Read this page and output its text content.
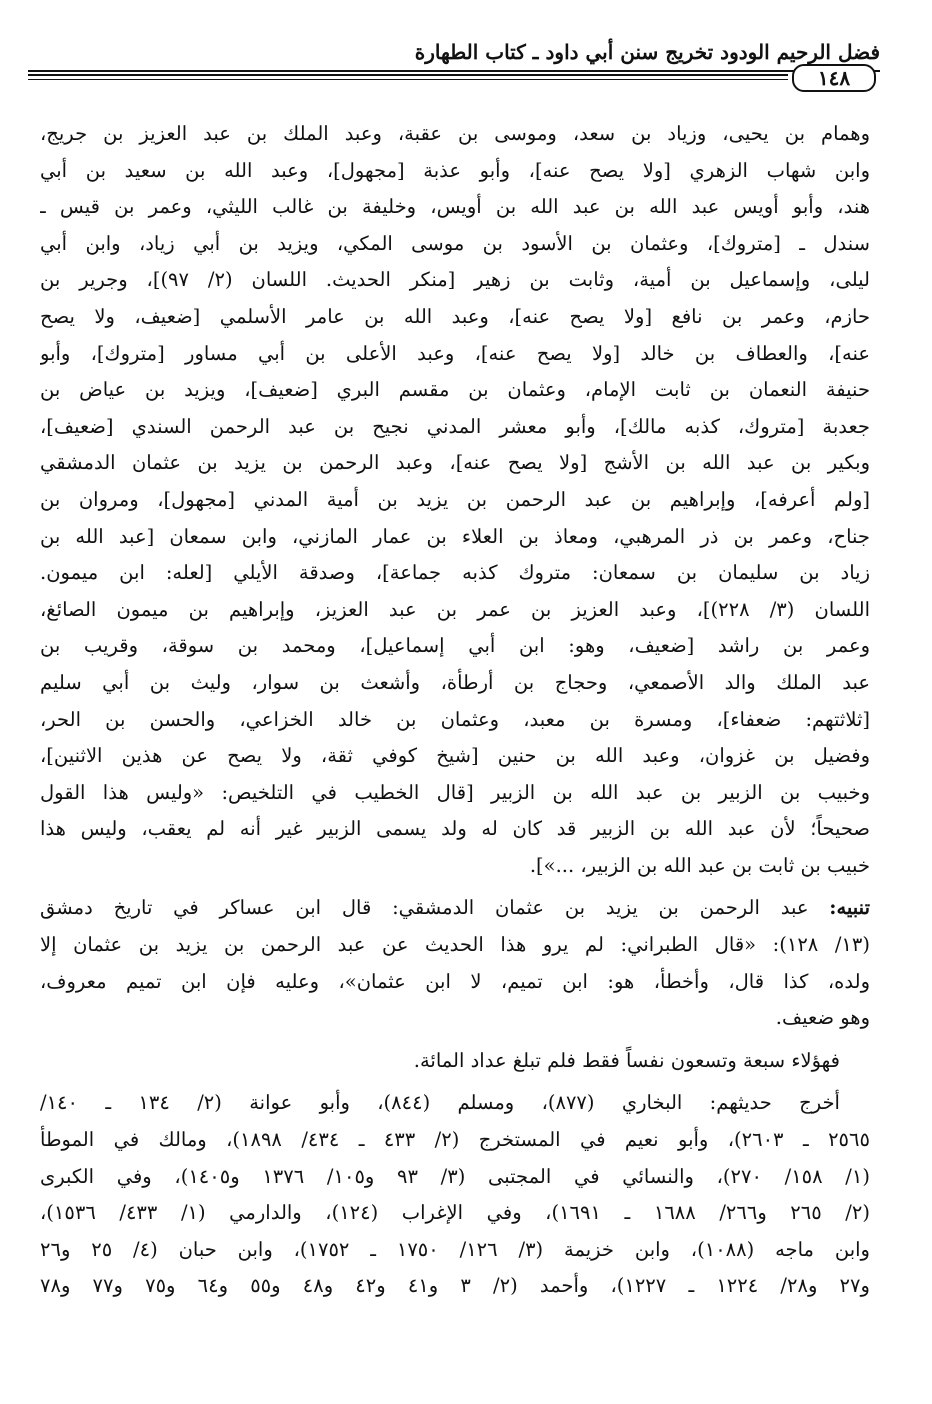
فضل الرحيم الودود تخريج سنن أبي داود ـ كتاب الطهارة
١٤٨
وهمام بن يحيى، وزياد بن سعد، وموسى بن عقبة، وعبد الملك بن عبد العزيز بن جريج،
وابن شهاب الزهري [ولا يصح عنه]، وأبو عذبة [مجهول]، وعبد الله بن سعيد بن أبي
هند، وأبو أويس عبد الله بن عبد الله بن أويس، وخليفة بن غالب الليثي، وعمر بن قيس ـ
سندل ـ [متروك]، وعثمان بن الأسود بن موسى المكي، ويزيد بن أبي زياد، وابن أبي
ليلى، وإسماعيل بن أمية، وثابت بن زهير [منكر الحديث. اللسان (٢/ ٩٧)]، وجرير بن
حازم، وعمر بن نافع [ولا يصح عنه]، وعبد الله بن عامر الأسلمي [ضعيف، ولا يصح
عنه]، والعطاف بن خالد [ولا يصح عنه]، وعبد الأعلى بن أبي مساور [متروك]، وأبو
حنيفة النعمان بن ثابت الإمام، وعثمان بن مقسم البري [ضعيف]، ويزيد بن عياض بن
جعدبة [متروك، كذبه مالك]، وأبو معشر المدني نجيح بن عبد الرحمن السندي [ضعيف]،
وبكير بن عبد الله بن الأشج [ولا يصح عنه]، وعبد الرحمن بن يزيد بن عثمان الدمشقي
[ولم أعرفه]، وإبراهيم بن عبد الرحمن بن يزيد بن أمية المدني [مجهول]، ومروان بن
جناح، وعمر بن ذر المرهبي، ومعاذ بن العلاء بن عمار المازني، وابن سمعان [عبد الله بن
زياد بن سليمان بن سمعان: متروك كذبه جماعة]، وصدقة الأيلي [لعله: ابن ميمون.
اللسان (٣/ ٢٢٨)]، وعبد العزيز بن عمر بن عبد العزيز، وإبراهيم بن ميمون الصائغ،
وعمر بن راشد [ضعيف، وهو: ابن أبي إسماعيل]، ومحمد بن سوقة، وقريب بن
عبد الملك والد الأصمعي، وحجاج بن أرطأة، وأشعث بن سوار، وليث بن أبي سليم
[ثلاثتهم: ضعفاء]، ومسرة بن معبد، وعثمان بن خالد الخزاعي، والحسن بن الحر،
وفضيل بن غزوان، وعبد الله بن حنين [شيخ كوفي ثقة، ولا يصح عن هذين الاثنين]،
وخبيب بن الزبير بن عبد الله بن الزبير [قال الخطيب في التلخيص: «وليس هذا القول
صحيحاً؛ لأن عبد الله بن الزبير قد كان له ولد يسمى الزبير غير أنه لم يعقب، وليس هذا
خبيب بن ثابت بن عبد الله بن الزبير، ...»].
تنبيه: عبد الرحمن بن يزيد بن عثمان الدمشقي: قال ابن عساكر في تاريخ دمشق
(١٣/ ١٢٨): «قال الطبراني: لم يرو هذا الحديث عن عبد الرحمن بن يزيد بن عثمان إلا
ولده، كذا قال، وأخطأ، هو: ابن تميم، لا ابن عثمان»، وعليه فإن ابن تميم معروف،
وهو ضعيف.
فهؤلاء سبعة وتسعون نفساً فقط فلم تبلغ عداد المائة.
أخرج حديثهم: البخاري (٨٧٧)، ومسلم (٨٤٤)، وأبو عوانة (٢/ ١٣٤ ـ ١٤٠/
٢٥٦٥ ـ ٢٦٠٣)، وأبو نعيم في المستخرج (٢/ ٤٣٣ ـ ٤٣٤/ ١٨٩٨)، ومالك في الموطأ
(١/ ١٥٨/ ٢٧٠)، والنسائي في المجتبى (٣/ ٩٣ و١٠٥/ ١٣٧٦ و١٤٠٥)، وفي الكبرى
(٢/ ٢٦٥ و٢٦٦/ ١٦٨٨ ـ ١٦٩١)، وفي الإغراب (١٢٤)، والدارمي (١/ ٤٣٣/ ١٥٣٦)،
وابن ماجه (١٠٨٨)، وابن خزيمة (٣/ ١٢٦/ ١٧٥٠ ـ ١٧٥٢)، وابن حبان (٤/ ٢٥ و٢٦
و٢٧ و٢٨/ ١٢٢٤ ـ ١٢٢٧)، وأحمد (٢/ ٣ و٤١ و٤٢ و٤٨ و٥٥ و٦٤ و٧٥ و٧٧ و٧٨
